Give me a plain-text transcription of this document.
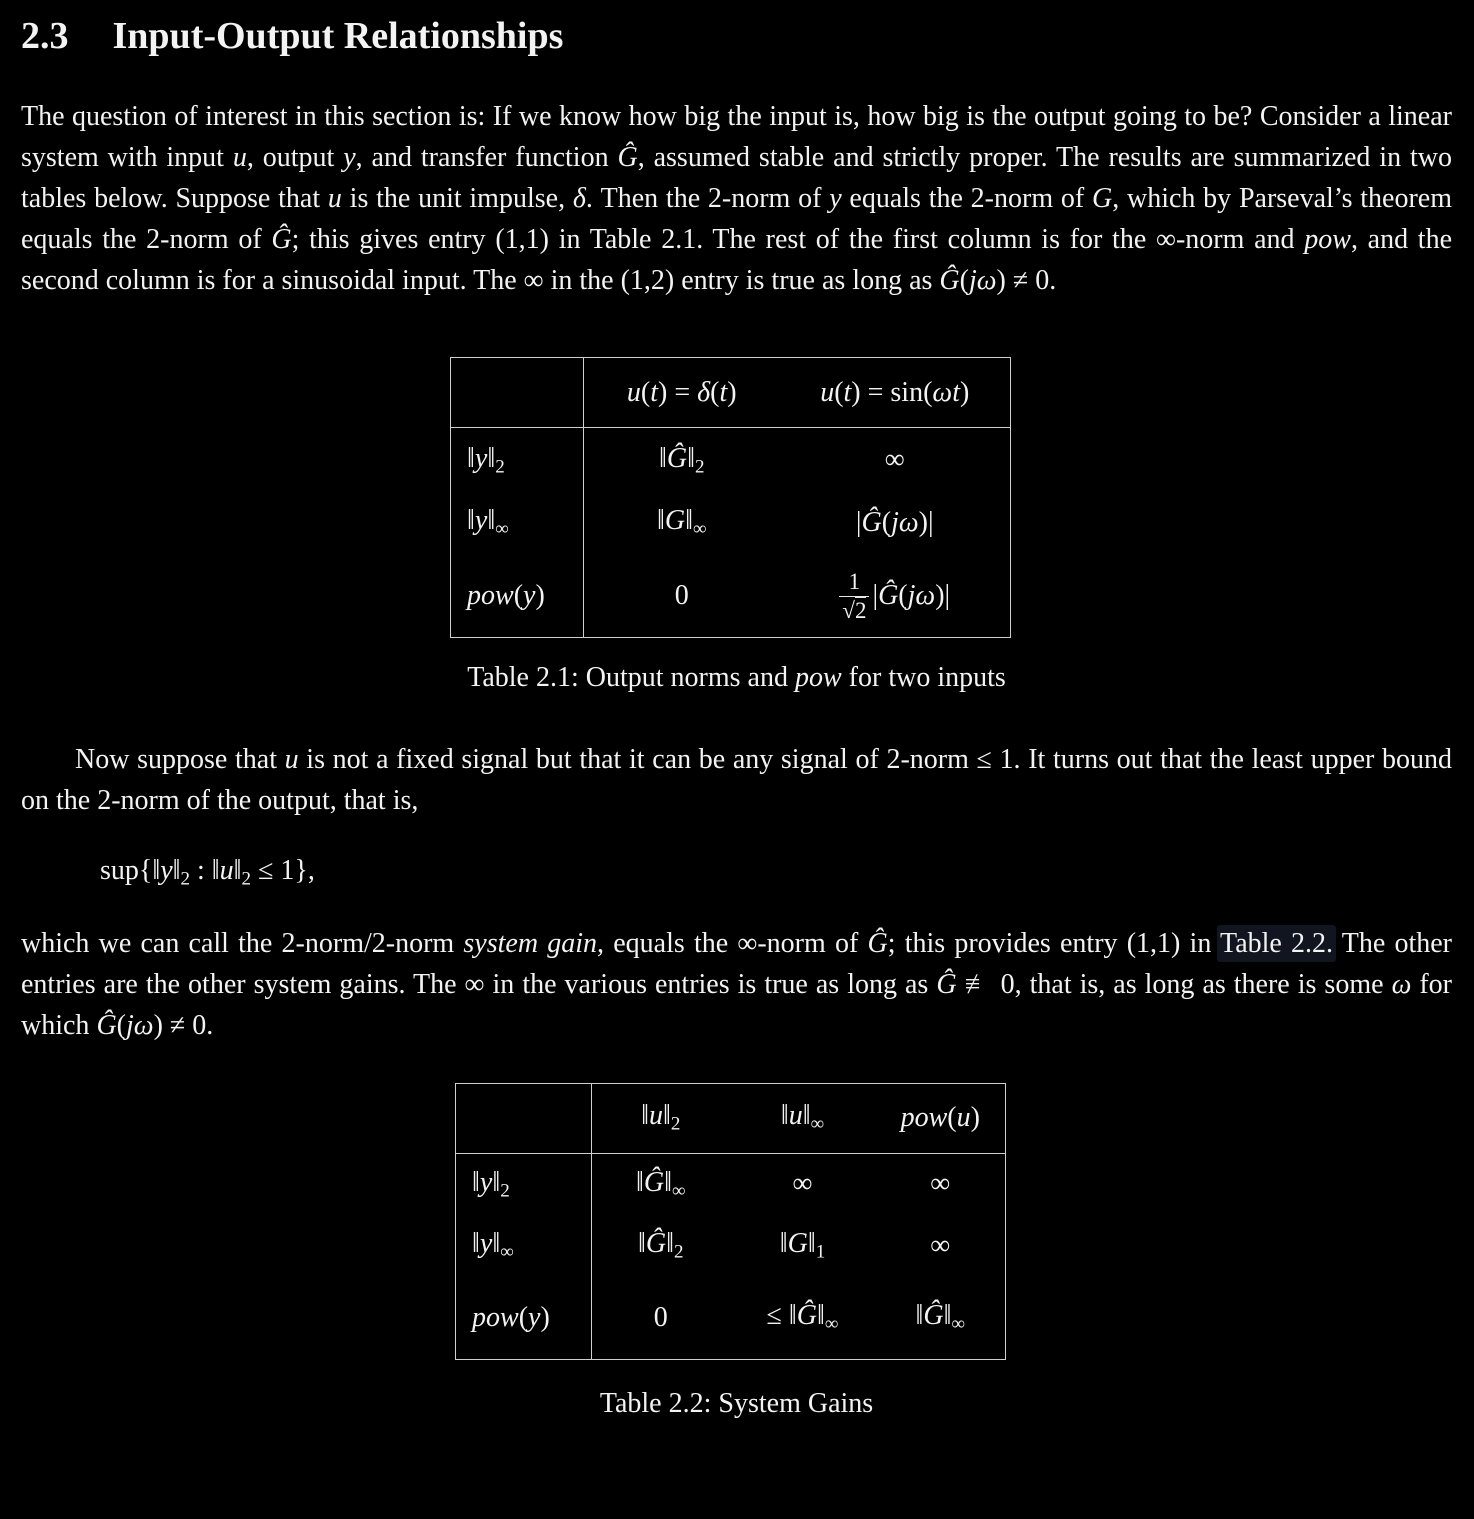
2.3 Input-Output Relationships

The question of interest in this section is: If we know how big the input is, how big is the output going to be? Consider a linear system with input u, output y, and transfer function Ĝ, assumed stable and strictly proper. The results are summarized in two tables below. Suppose that u is the unit impulse, δ. Then the 2-norm of y equals the 2-norm of G, which by Parseval’s theorem equals the 2-norm of Ĝ; this gives entry (1,1) in Table 2.1. The rest of the first column is for the ∞-norm and pow, and the second column is for a sinusoidal input. The ∞ in the (1,2) entry is true as long as Ĝ(jω) ≠ 0.

	u(t) = δ(t)	u(t) = sin(ωt)
$‖y‖_2$	$‖Ĝ‖_2$	∞
$‖y‖_\infty$	$‖G‖_\infty$	|Ĝ(jω)|
pow(y)	0	$\frac{1}{√2}$ |Ĝ(jω)|

Table 2.1: Output norms and pow for two inputs

Now suppose that u is not a fixed signal but that it can be any signal of 2-norm ≤ 1. It turns out that the least upper bound on the 2-norm of the output, that is,

$sup\{‖y‖_2$ : $‖u‖_2 \le 1$},

which we can call the 2-norm/2-norm system gain, equals the ∞-norm of Ĝ; this provides entry (1,1) in Table 2.2. The other entries are the other system gains. The ∞ in the various entries is true as long as Ĝ ≢ 0, that is, as long as there is some ω for which Ĝ(jω) ≠ 0.

	$‖u‖_2$	$‖u‖_\infty$	pow(u)
$‖y‖_2$	$‖Ĝ‖_\infty$	∞	∞
$‖y‖_\infty$	$‖Ĝ‖_2$	$‖G‖_1$	∞
pow(y)	0	≤ $‖Ĝ‖_\infty$	$‖Ĝ‖_\infty$

Table 2.2: System Gains
